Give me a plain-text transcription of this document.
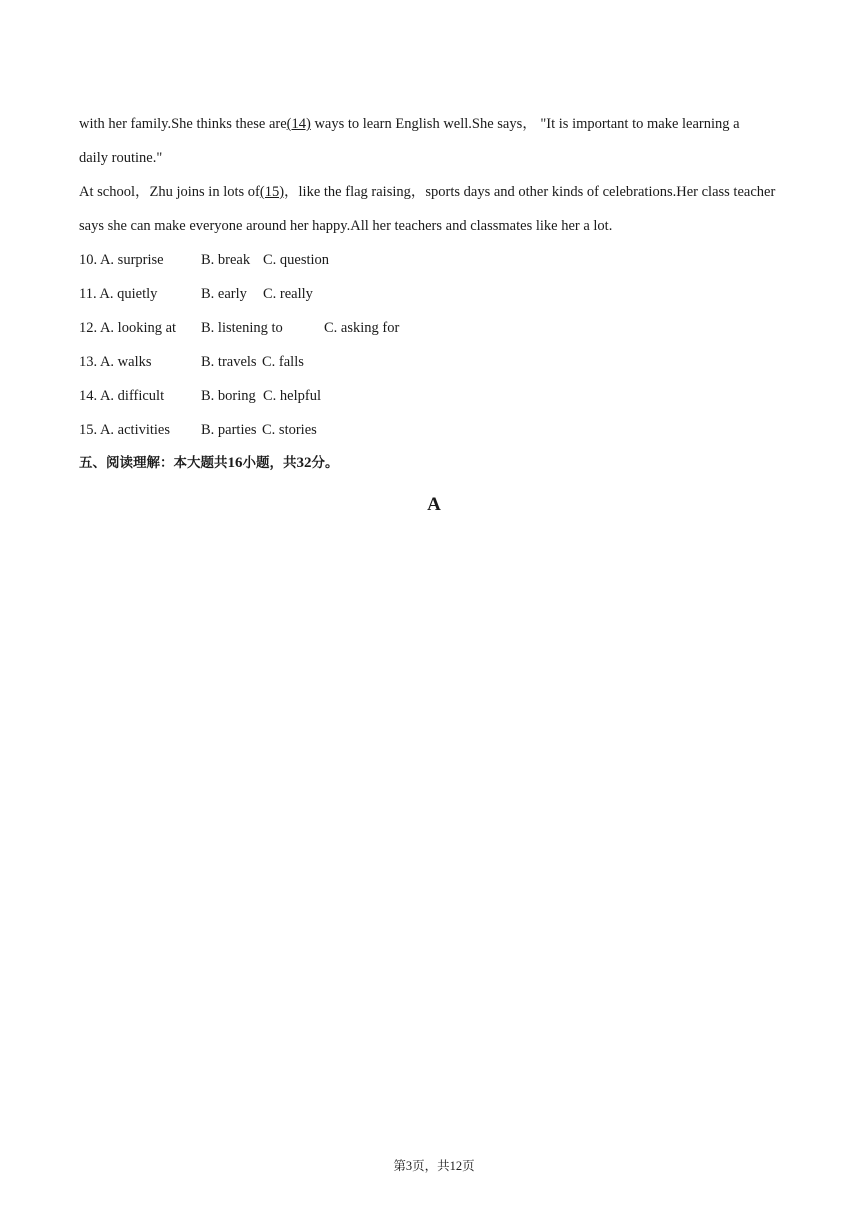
with her family.She thinks these are(14) ways to learn English well.She says， "It is important to make learning a
daily routine."
At school，Zhu joins in lots of(15)，like the flag raising，sports days and other kinds of celebrations.Her class teacher
says she can make everyone around her happy.All her teachers and classmates like her a lot.
10. A. surprise	B. break C. question
11. A. quietly	B. early C. really
12. A. looking at B. listening to	C. asking for
13. A. walks	B. travels C. falls
14. A. difficult	B. boring C. helpful
15. A. activities B. parties C. stories
五、阅读理解：本大题共16小题，共32分。
A
第3页，共12页
